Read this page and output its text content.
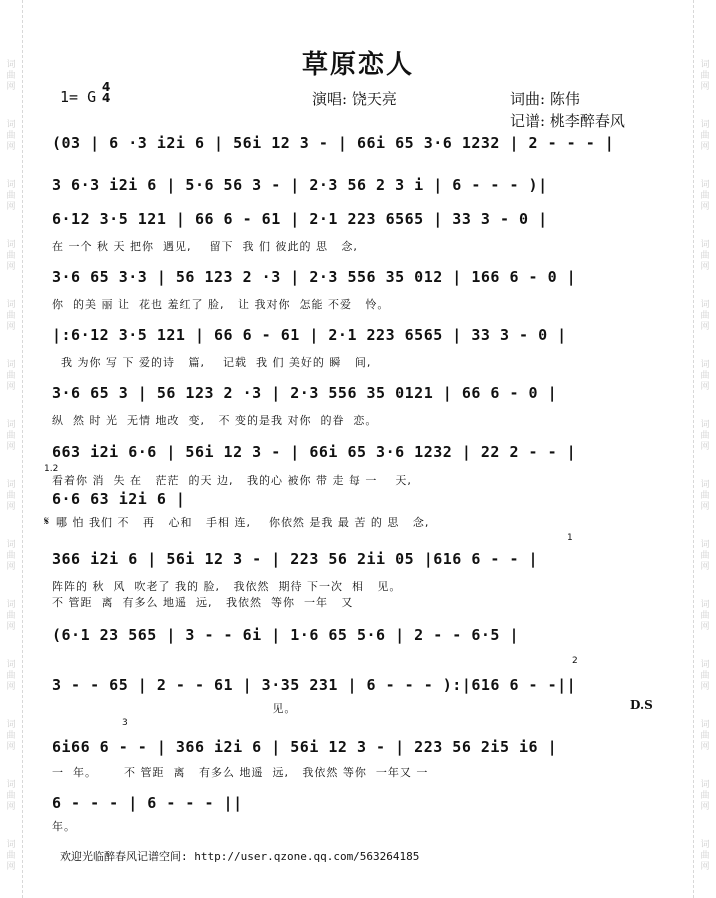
词
曲
网
词
曲
网
词
曲
网
词
曲
网
词
曲
网
词
曲
网
词
曲
网
词
曲
网
词
曲
网
词
曲
网
词
曲
网
词
曲
网
词
曲
网
词
曲
网
词
曲
网
词
曲
网
词
曲
网
词
曲
网
词
曲
网
词
曲
网
词
曲
网
词
曲
网
词
曲
网
词
曲
网
词
曲
网
词
曲
网
词
曲
网
词
曲
网
草原恋人
1= G
4
4	演唱: 饶天亮	词曲: 陈伟
记谱: 桃李醉春风
(03 | 6 ·3 i2i 6 | 56i 12 3 - | 66i 65 3·6 1232 | 2 - - - |
3 6·3 i2i 6 | 5·6 56 3 - | 2·3 56 2 3 i | 6 - - - )|
6·12 3·5 121 | 66 6 - 61 | 2·1 223 6565 | 33 3 - 0 |
在 一个 秋 天 把你  遇见,    留下  我 们 彼此的 思   念,
3·6 65 3·3 | 56 123 2 ·3 | 2·3 556 35 012 | 166 6 - 0 |
你  的美 丽 让  花也 羞红了 脸,   让 我对你  怎能 不爱   怜。
|:6·12 3·5 121 | 66 6 - 61 | 2·1 223 6565 | 33 3 - 0 |
我 为你 写 下 爱的诗   篇,    记载  我 们 美好的 瞬   间,
3·6 65 3 | 56 123 2 ·3 | 2·3 556 35 0121 | 66 6 - 0 |
纵  然 时 光  无情 地改  变,   不 变的是我 对你  的眷  恋。
663 i2i 6·6 | 56i 12 3 - | 66i 65 3·6 1232 | 22 2 - - |
1.2
看着你 消  失 在   茫茫  的天 边,   我的心 被你 带 走 每 一    天,
6·6 63 i2i 6 |
𝄋 哪 怕 我们 不   再   心和   手相 连,    你依然 是我 最 苦 的 思   念,
366 i2i 6 | 56i 12 3 - | 223 56 2ii 05 |616 6 - - |
1
阵阵的 秋  风  吹老了 我的 脸,   我依然  期待 下一次  相   见。
不 管距  离  有多么 地遥  远,   我依然  等你  一年   又
(6·1 23 565 | 3 - - 6i | 1·6 65 5·6 | 2 - - 6·5 |
3 - - 65 | 2 - - 61 | 3·35 231 | 6 - - - ):|616 6 - -||
2
见。	D.S
6i66 6 - - | 366 i2i 6 | 56i 12 3 - | 223 56 2i5 i6 |
3
一  年。      不 管距  离   有多么 地遥  远,   我依然 等你  一年又 一
6 - - - | 6 - - - ||
年。
欢迎光临醉春风记谱空间: http://user.qzone.qq.com/563264185
